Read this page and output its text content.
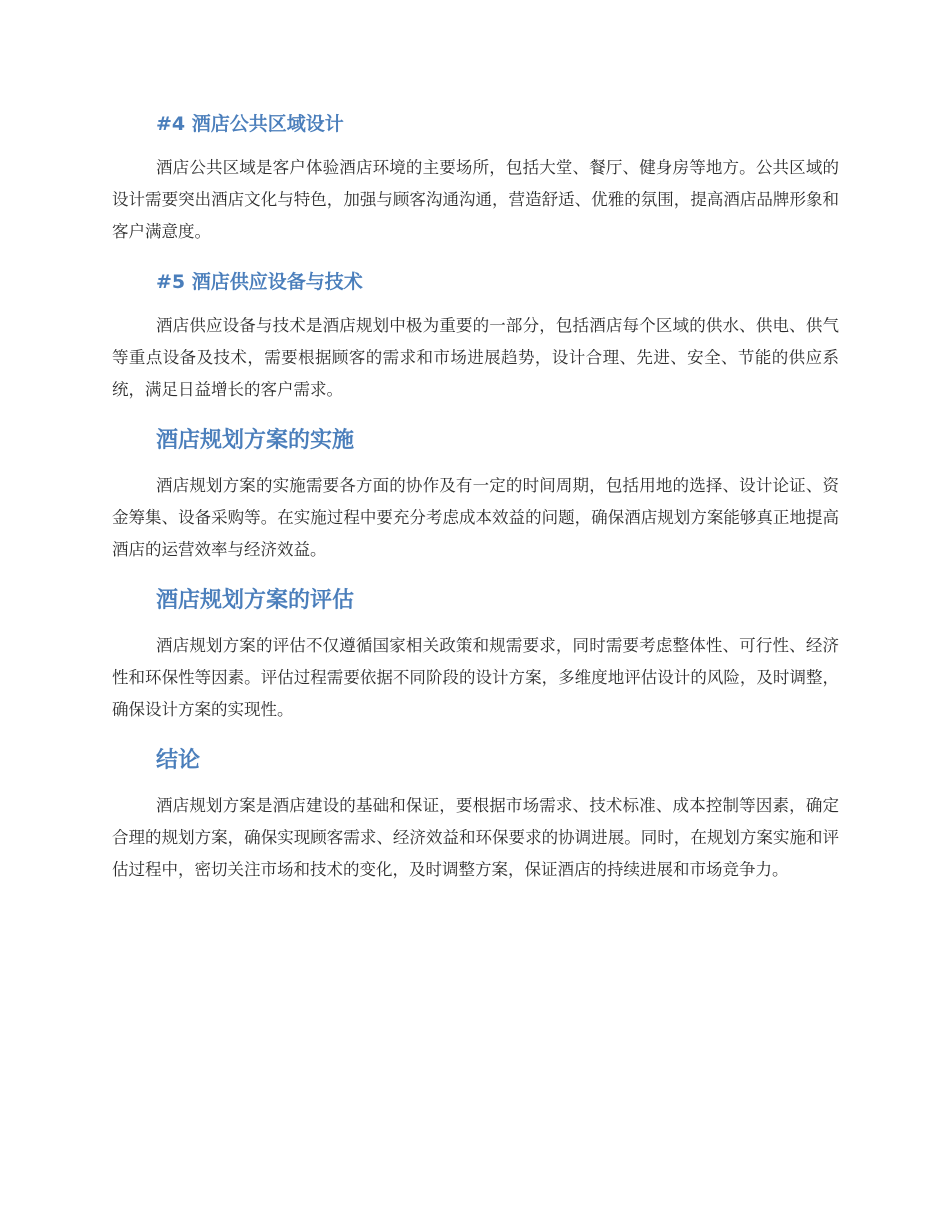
#4 酒店公共区域设计

酒店公共区域是客户体验酒店环境的主要场所，包括大堂、餐厅、健身房等地方。公共区域的设计需要突出酒店文化与特色，加强与顾客沟通沟通，营造舒适、优雅的氛围，提高酒店品牌形象和客户满意度。

#5 酒店供应设备与技术

酒店供应设备与技术是酒店规划中极为重要的一部分，包括酒店每个区域的供水、供电、供气等重点设备及技术，需要根据顾客的需求和市场进展趋势，设计合理、先进、安全、节能的供应系统，满足日益增长的客户需求。

酒店规划方案的实施

酒店规划方案的实施需要各方面的协作及有一定的时间周期，包括用地的选择、设计论证、资金筹集、设备采购等。在实施过程中要充分考虑成本效益的问题，确保酒店规划方案能够真正地提高酒店的运营效率与经济效益。

酒店规划方案的评估

酒店规划方案的评估不仅遵循国家相关政策和规需要求，同时需要考虑整体性、可行性、经济性和环保性等因素。评估过程需要依据不同阶段的设计方案，多维度地评估设计的风险，及时调整，确保设计方案的实现性。

结论

酒店规划方案是酒店建设的基础和保证，要根据市场需求、技术标准、成本控制等因素，确定合理的规划方案，确保实现顾客需求、经济效益和环保要求的协调进展。同时，在规划方案实施和评估过程中，密切关注市场和技术的变化，及时调整方案，保证酒店的持续进展和市场竞争力。
